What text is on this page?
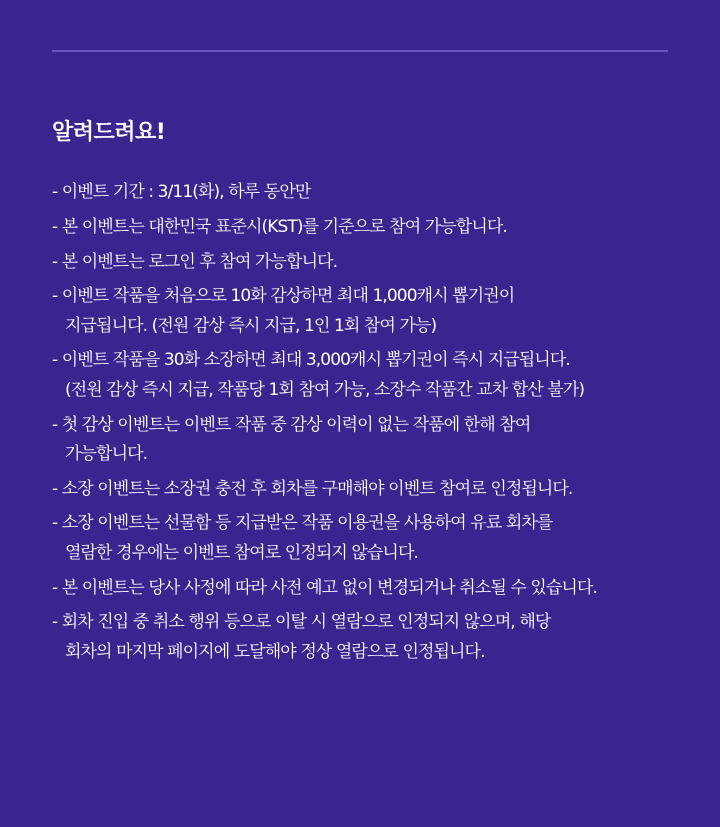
알려드려요!
- 이벤트 기간 : 3/11(화), 하루 동안만
- 본 이벤트는 대한민국 표준시(KST)를 기준으로 참여 가능합니다.
- 본 이벤트는 로그인 후 참여 가능합니다.
- 이벤트 작품을 처음으로 10화 감상하면 최대 1,000캐시 뽑기권이
지급됩니다. (전원 감상 즉시 지급, 1인 1회 참여 가능)
- 이벤트 작품을 30화 소장하면 최대 3,000캐시 뽑기권이 즉시 지급됩니다.
(전원 감상 즉시 지급, 작품당 1회 참여 가능, 소장수 작품간 교차 합산 불가)
- 첫 감상 이벤트는 이벤트 작품 중 감상 이력이 없는 작품에 한해 참여
가능합니다.
- 소장 이벤트는 소장권 충전 후 회차를 구매해야 이벤트 참여로 인정됩니다.
- 소장 이벤트는 선물함 등 지급받은 작품 이용권을 사용하여 유료 회차를
열람한 경우에는 이벤트 참여로 인정되지 않습니다.
- 본 이벤트는 당사 사정에 따라 사전 예고 없이 변경되거나 취소될 수 있습니다.
- 회차 진입 중 취소 행위 등으로 이탈 시 열람으로 인정되지 않으며, 해당
회차의 마지막 페이지에 도달해야 정상 열람으로 인정됩니다.
